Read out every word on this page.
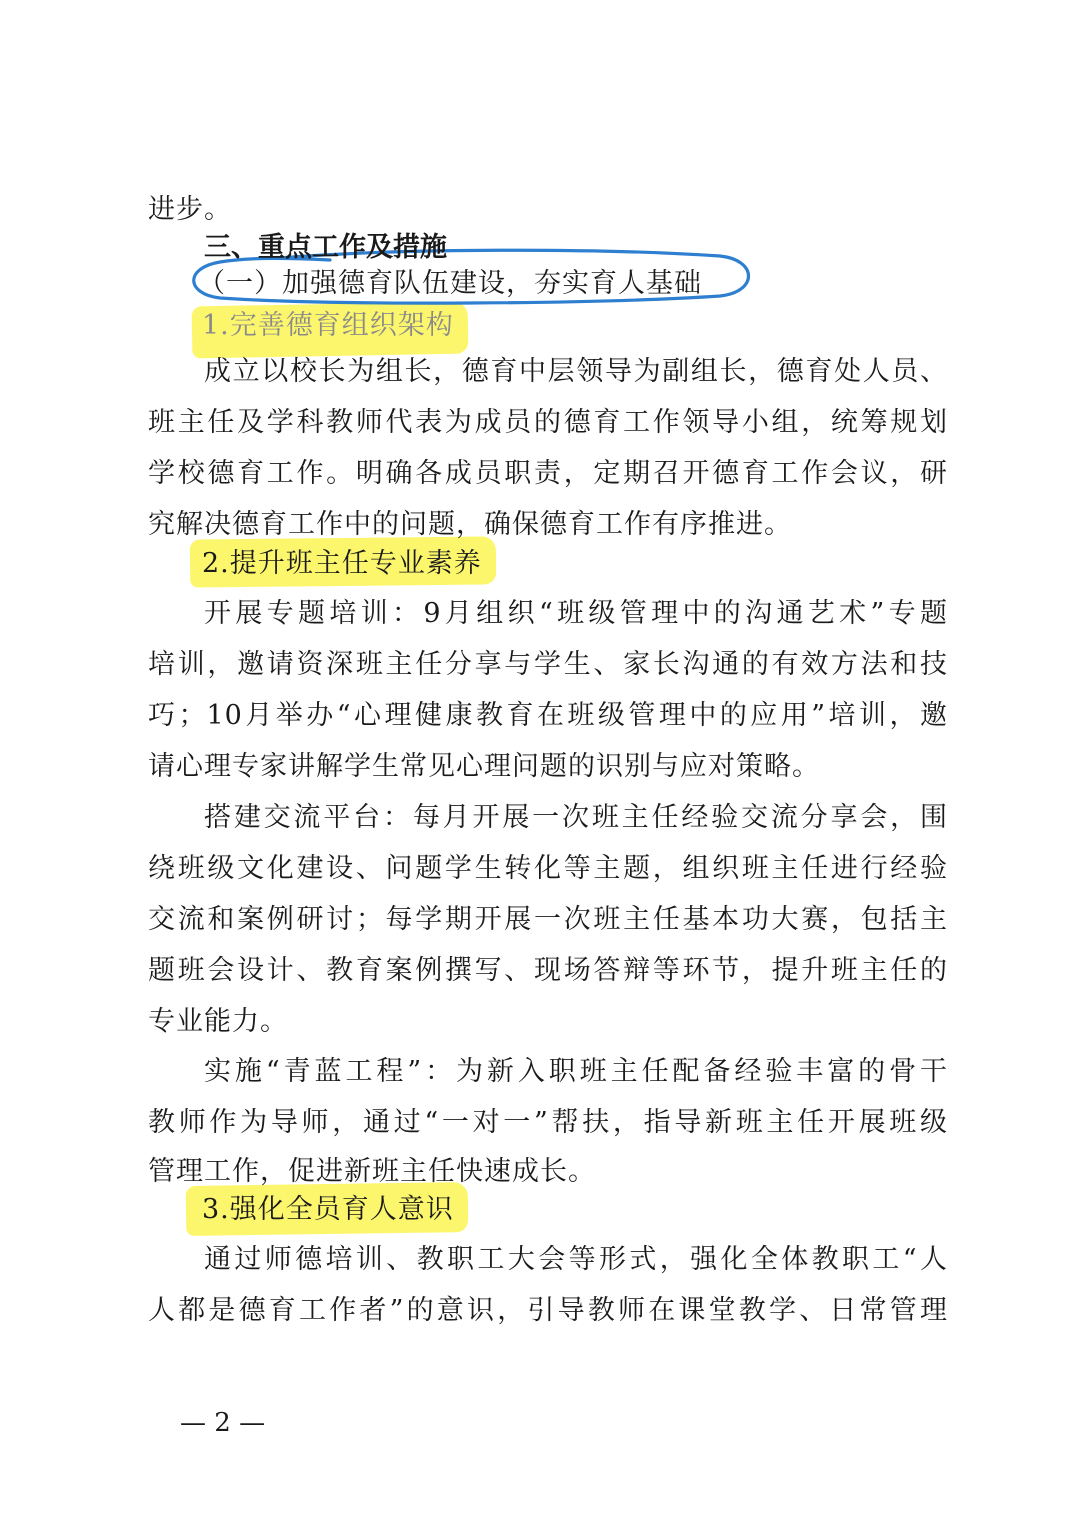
进步。
三、重点工作及措施
（一）加强德育队伍建设，夯实育人基础
1.完善德育组织架构
成立以校长为组长，德育中层领导为副组长，德育处人员、
班主任及学科教师代表为成员的德育工作领导小组，统筹规划
学校德育工作。明确各成员职责，定期召开德育工作会议，研
究解决德育工作中的问题，确保德育工作有序推进。
2.提升班主任专业素养
开展专题培训：9月组织“班级管理中的沟通艺术”专题
培训，邀请资深班主任分享与学生、家长沟通的有效方法和技
巧；10月举办“心理健康教育在班级管理中的应用”培训，邀
请心理专家讲解学生常见心理问题的识别与应对策略。
搭建交流平台：每月开展一次班主任经验交流分享会，围
绕班级文化建设、问题学生转化等主题，组织班主任进行经验
交流和案例研讨；每学期开展一次班主任基本功大赛，包括主
题班会设计、教育案例撰写、现场答辩等环节，提升班主任的
专业能力。
实施“青蓝工程”：为新入职班主任配备经验丰富的骨干
教师作为导师，通过“一对一”帮扶，指导新班主任开展班级
管理工作，促进新班主任快速成长。
3.强化全员育人意识
通过师德培训、教职工大会等形式，强化全体教职工“人
人都是德育工作者”的意识，引导教师在课堂教学、日常管理
— 2 —
